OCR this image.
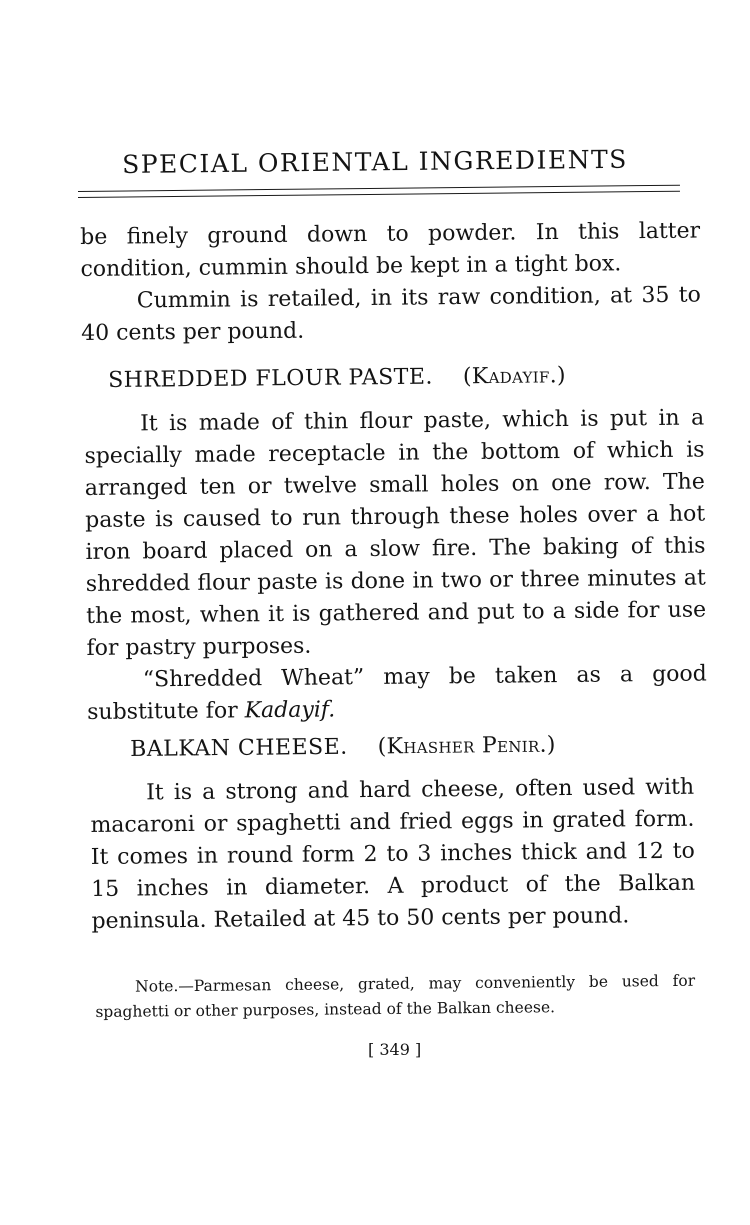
SPECIAL ORIENTAL INGREDIENTS

be finely ground down to powder. In this latter condition, cummin should be kept in a tight box.

Cummin is retailed, in its raw condition, at 35 to 40 cents per pound.

SHREDDED FLOUR PASTE. (Kadayif.)

It is made of thin flour paste, which is put in a specially made receptacle in the bottom of which is arranged ten or twelve small holes on one row. The paste is caused to run through these holes over a hot iron board placed on a slow fire. The baking of this shredded flour paste is done in two or three minutes at the most, when it is gathered and put to a side for use for pastry purposes.

“Shredded Wheat” may be taken as a good substitute for Kadayif.

BALKAN CHEESE. (Khasher Penir.)

It is a strong and hard cheese, often used with macaroni or spaghetti and fried eggs in grated form. It comes in round form 2 to 3 inches thick and 12 to 15 inches in diameter. A product of the Balkan peninsula. Retailed at 45 to 50 cents per pound.

Note.—Parmesan cheese, grated, may conveniently be used for spaghetti or other purposes, instead of the Balkan cheese.

[ 349 ]
